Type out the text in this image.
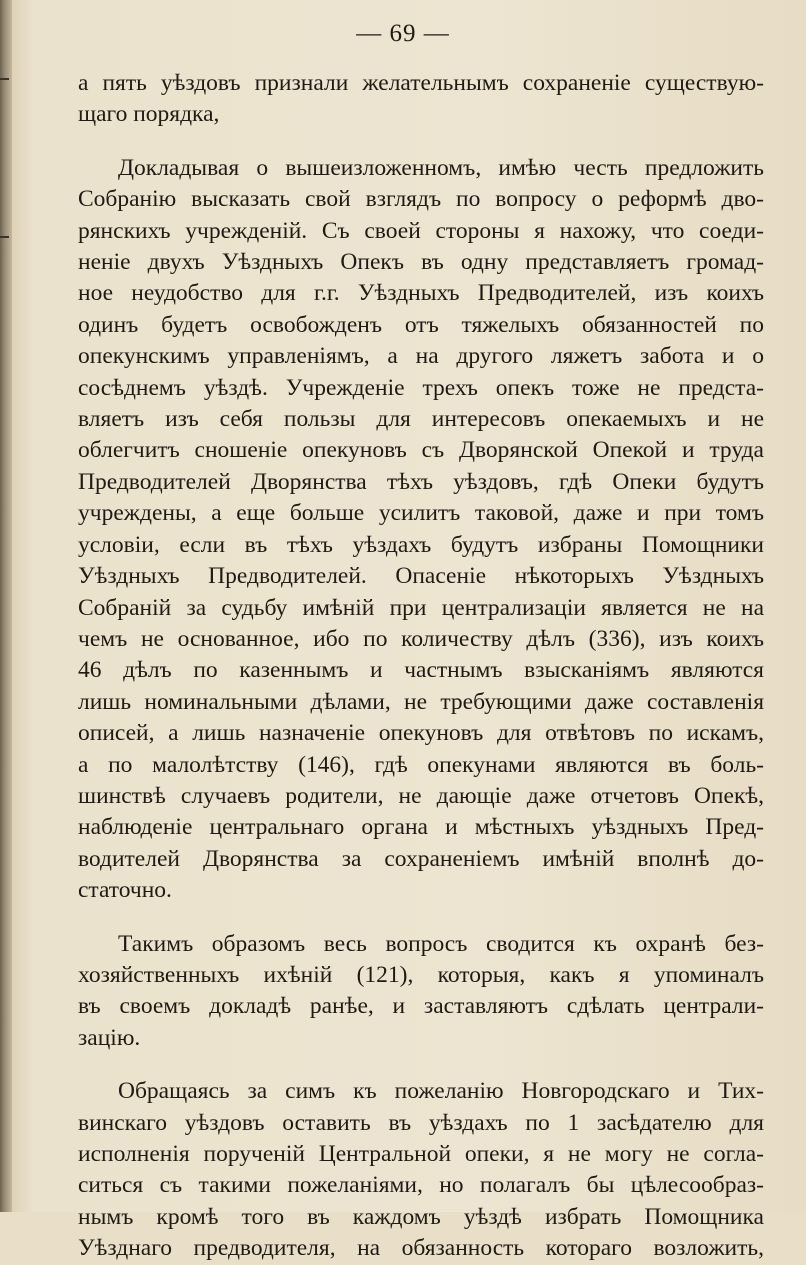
— 69 —

а пять уѣздовъ признали желательнымъ сохраненіе существую-
щаго порядка,

Докладывая о вышеизложенномъ, имѣю честь предложить
Собранію высказать свой взглядъ по вопросу о реформѣ дво-
рянскихъ учрежденій. Съ своей стороны я нахожу, что соеди-
неніе двухъ Уѣздныхъ Опекъ въ одну представляетъ громад-
ное неудобство для г.г. Уѣздныхъ Предводителей, изъ коихъ
одинъ будетъ освобожденъ отъ тяжелыхъ обязанностей по
опекунскимъ управленіямъ, а на другого ляжетъ забота и о
сосѣднемъ уѣздѣ. Учрежденіе трехъ опекъ тоже не предста-
вляетъ изъ себя пользы для интересовъ опекаемыхъ и не
облегчитъ сношеніе опекуновъ съ Дворянской Опекой и труда
Предводителей Дворянства тѣхъ уѣздовъ, гдѣ Опеки будутъ
учреждены, а еще больше усилитъ таковой, даже и при томъ
условіи, если въ тѣхъ уѣздахъ будутъ избраны Помощники
Уѣздныхъ Предводителей. Опасеніе нѣкоторыхъ Уѣздныхъ
Собраній за судьбу имѣній при централизаціи является не на
чемъ не основанное, ибо по количеству дѣлъ (336), изъ коихъ
46 дѣлъ по казеннымъ и частнымъ взысканіямъ являются
лишь номинальными дѣлами, не требующими даже составленія
описей, а лишь назначеніе опекуновъ для отвѣтовъ по искамъ,
а по малолѣтству (146), гдѣ опекунами являются въ боль-
шинствѣ случаевъ родители, не дающіе даже отчетовъ Опекѣ,
наблюденіе центральнаго органа и мѣстныхъ уѣздныхъ Пред-
водителей Дворянства за сохраненіемъ имѣній вполнѣ до-
статочно.

Такимъ образомъ весь вопросъ сводится къ охранѣ без-
хозяйственныхъ ихѣній (121), которыя, какъ я упоминалъ
въ своемъ докладѣ ранѣе, и заставляютъ сдѣлать централи-
зацію.

Обращаясь за симъ къ пожеланію Новгородскаго и Тих-
винскаго уѣздовъ оставить въ уѣздахъ по 1 засѣдателю для
исполненія порученій Центральной опеки, я не могу не согла-
ситься съ такими пожеланіями, но полагалъ бы цѣлесообраз-
нымъ кромѣ того въ каждомъ уѣздѣ избрать Помощника
Уѣзднаго предводителя, на обязанность котораго возложить,
